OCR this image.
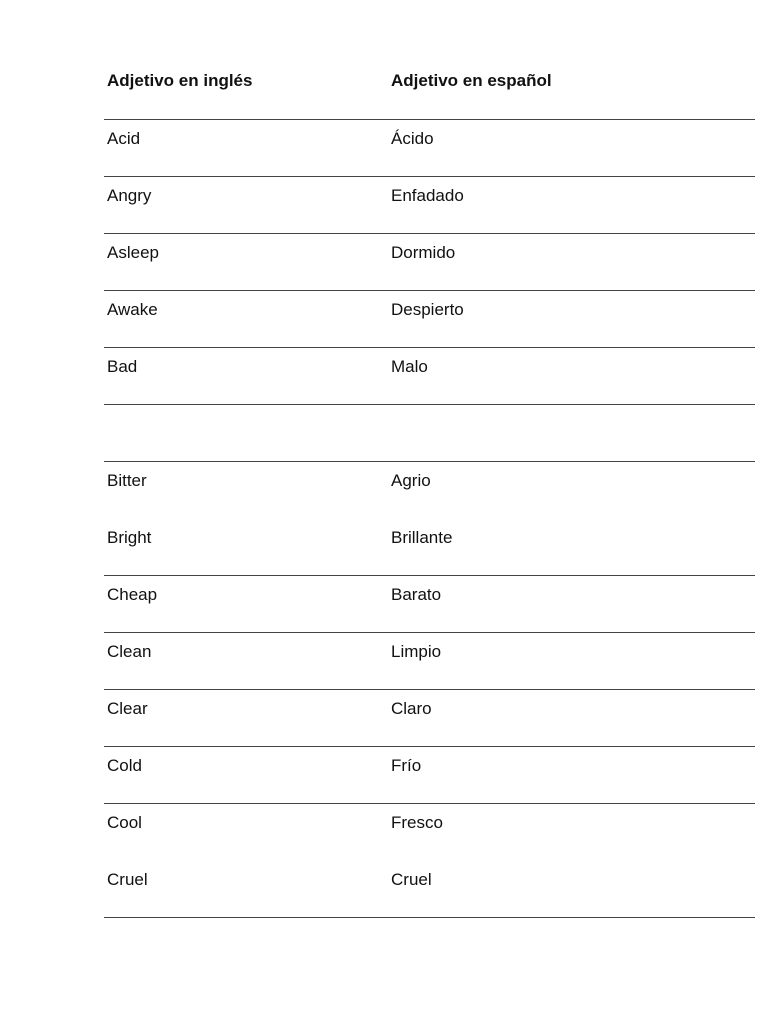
Adjetivo en inglés	Adjetivo en español
Acid	Ácido
Angry	Enfadado
Asleep	Dormido
Awake	Despierto
Bad	Malo
Bitter	Agrio
Bright	Brillante
Cheap	Barato
Clean	Limpio
Clear	Claro
Cold	Frío
Cool	Fresco
Cruel	Cruel
